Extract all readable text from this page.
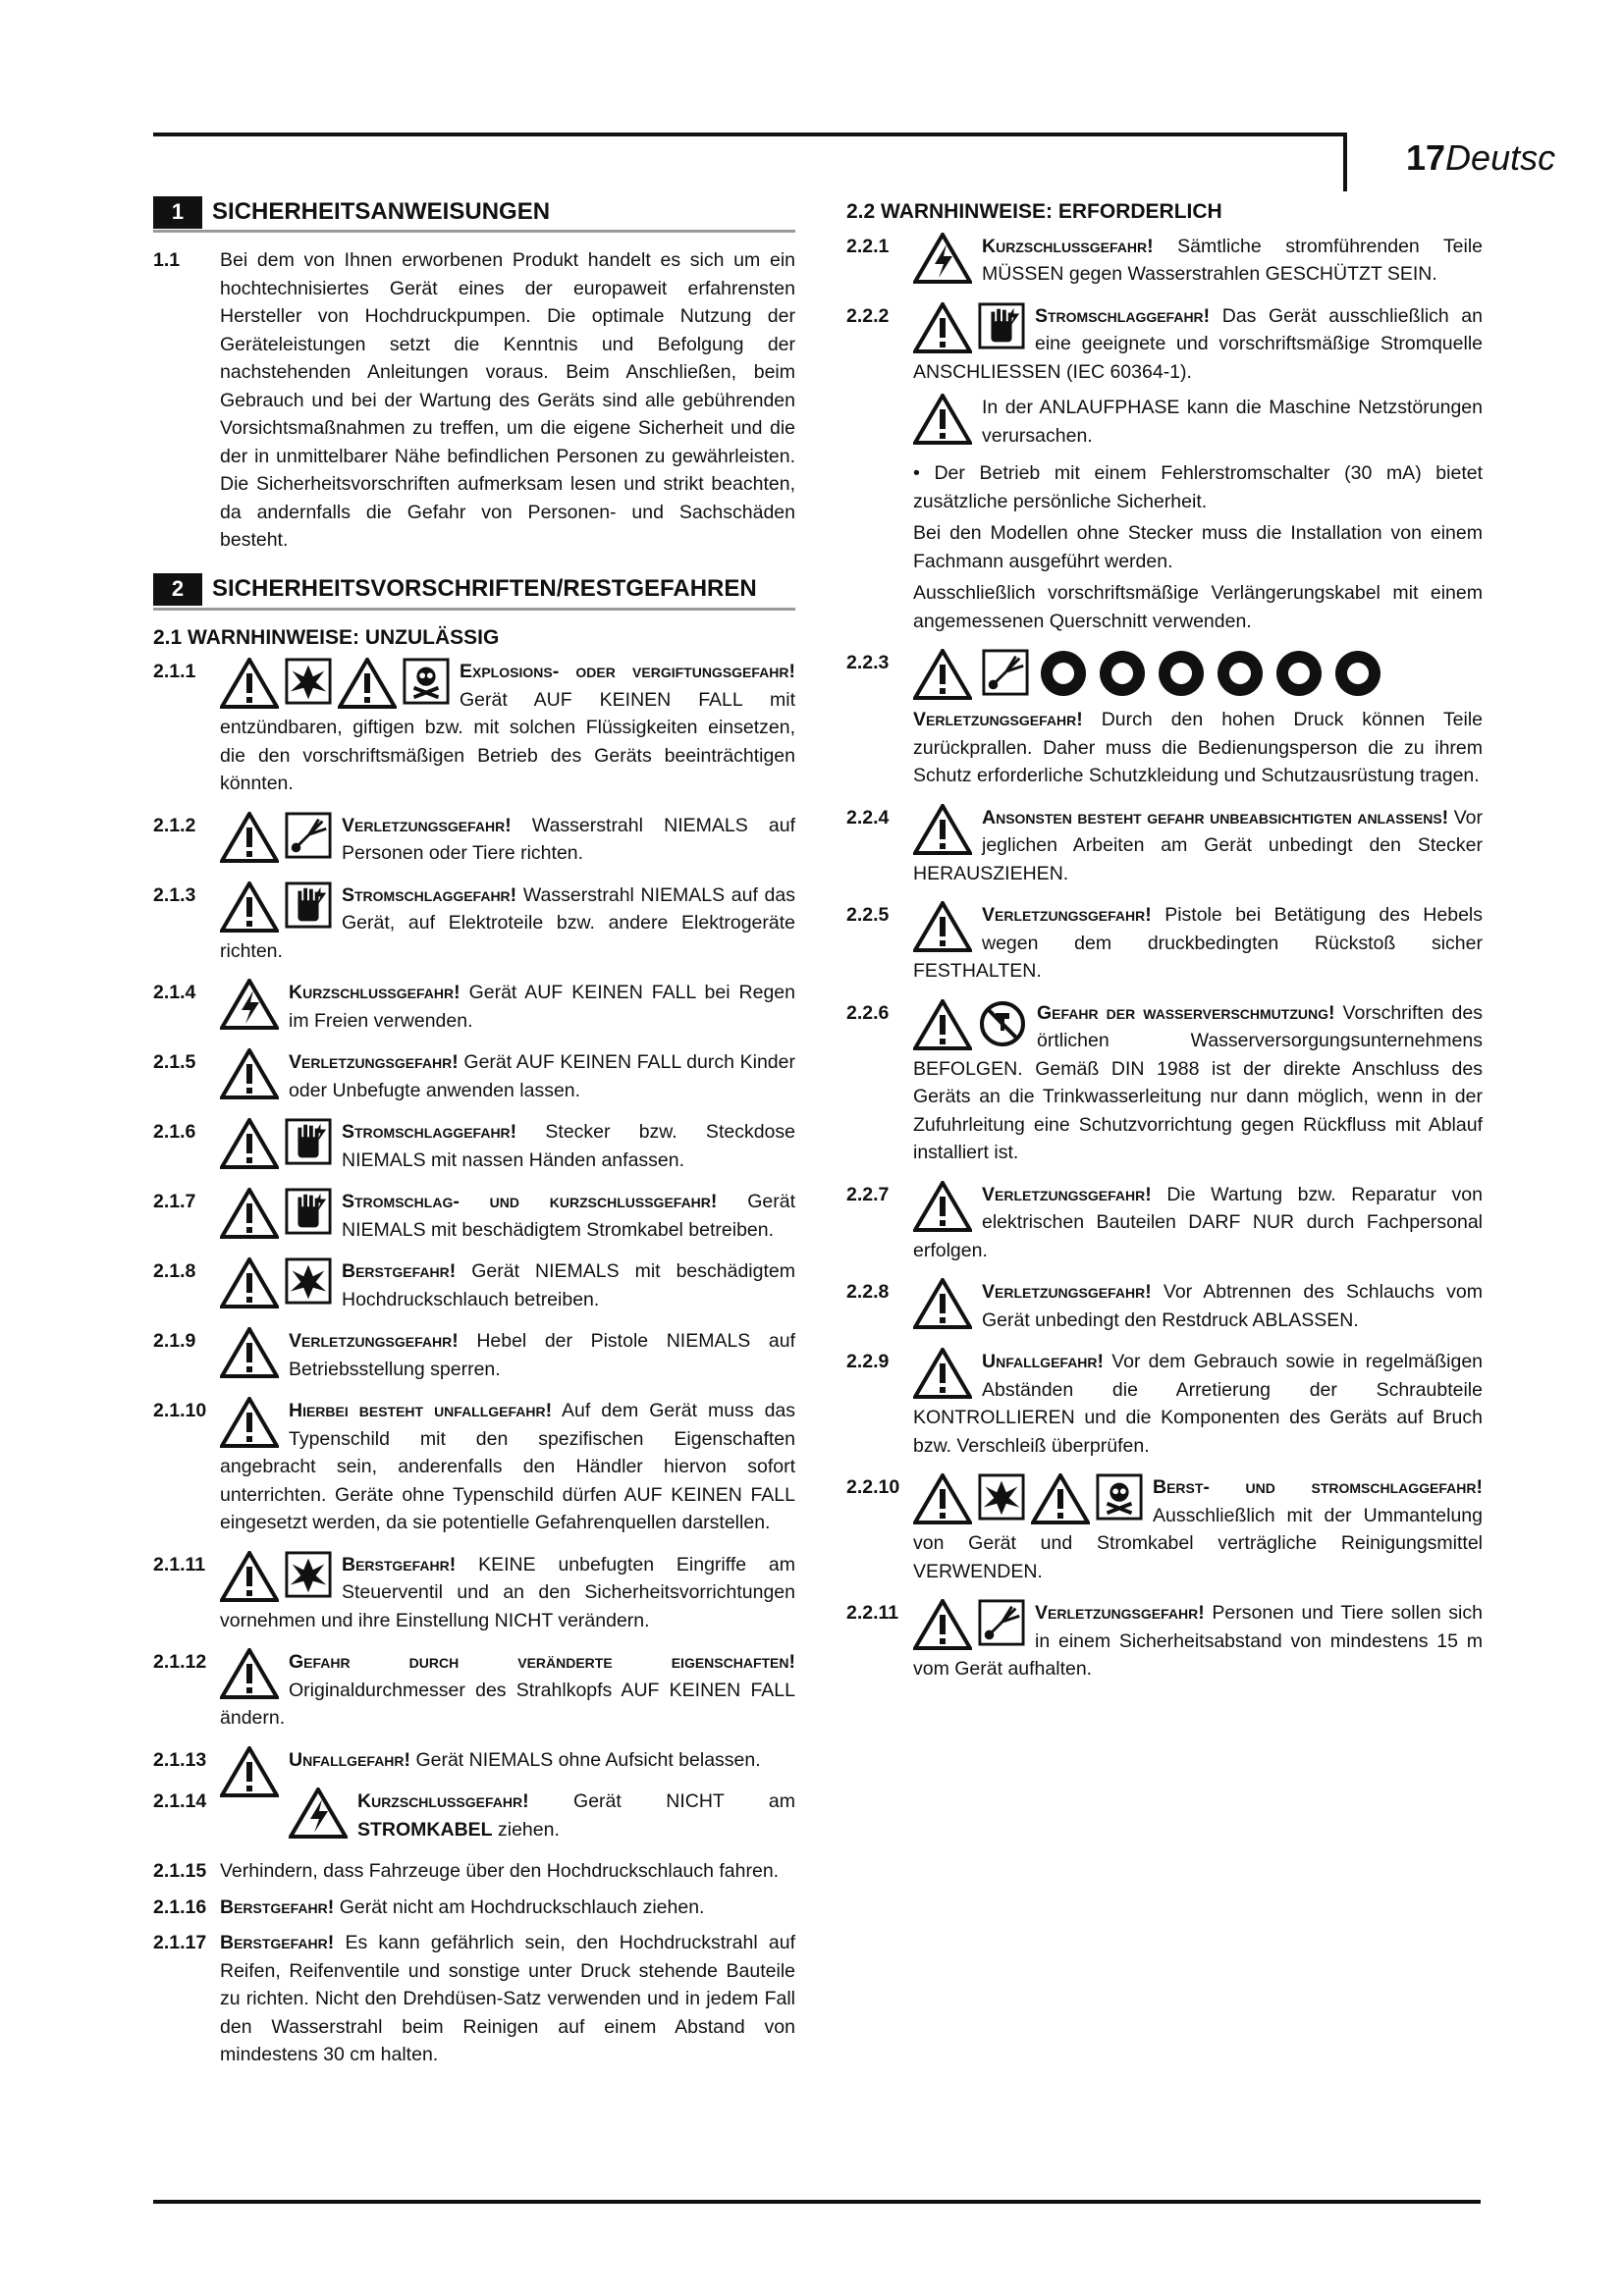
17Deutsc
1	SICHERHEITSANWEISUNGEN
1.1 Bei dem von Ihnen erworbenen Produkt handelt es sich um ein hochtechnisiertes Gerät eines der europaweit erfahrensten Hersteller von Hochdruckpumpen. Die optimale Nutzung der Geräteleistungen setzt die Kenntnis und Befolgung der nachstehenden Anleitungen voraus. Beim Anschließen, beim Gebrauch und bei der Wartung des Geräts sind alle gebührenden Vorsichtsmaßnahmen zu treffen, um die eigene Sicherheit und die der in unmittelbarer Nähe befindlichen Personen zu gewährleisten. Die Sicherheitsvorschriften aufmerksam lesen und strikt beachten, da andernfalls die Gefahr von Personen- und Sachschäden besteht.
2	SICHERHEITSVORSCHRIFTEN/RESTGEFAHREN
2.1 WARNHINWEISE: UNZULÄSSIG
2.1.1	Explosions- oder vergiftungsgefahr! Gerät AUF KEINEN FALL mit entzündbaren, giftigen bzw. mit solchen Flüssigkeiten einsetzen, die den vorschriftsmäßigen Betrieb des Geräts beeinträchtigen könnten.
2.1.2	Verletzungsgefahr! Wasserstrahl NIEMALS auf Personen oder Tiere richten.
2.1.3	Stromschlaggefahr! Wasserstrahl NIEMALS auf das Gerät, auf Elektroteile bzw. andere Elektrogeräte richten.
2.1.4	Kurzschlussgefahr! Gerät AUF KEINEN FALL bei Regen im Freien verwenden.
2.1.5	Verletzungsgefahr! Gerät AUF KEINEN FALL durch Kinder oder Unbefugte anwenden lassen.
2.1.6	Stromschlaggefahr! Stecker bzw. Steckdose NIEMALS mit nassen Händen anfassen.
2.1.7	Stromschlag- und kurzschlussgefahr! Gerät NIEMALS mit beschädigtem Stromkabel betreiben.
2.1.8	Berstgefahr! Gerät NIEMALS mit beschädigtem Hochdruckschlauch betreiben.
2.1.9	Verletzungsgefahr! Hebel der Pistole NIEMALS auf Betriebsstellung sperren.
2.1.10	Hierbei besteht unfallgefahr! Auf dem Gerät muss das Typenschild mit den spezifischen Eigenschaften angebracht sein, anderenfalls den Händler hiervon sofort unterrichten. Geräte ohne Typenschild dürfen AUF KEINEN FALL eingesetzt werden, da sie potentielle Gefahrenquellen darstellen.
2.1.11	Berstgefahr! KEINE unbefugten Eingriffe am Steuerventil und an den Sicherheitsvorrichtungen vornehmen und ihre Einstellung NICHT verändern.
2.1.12	Gefahr durch veränderte eigenschaften! Originaldurchmesser des Strahlkopfs AUF KEINEN FALL ändern.
2.1.13	Unfallgefahr! Gerät NIEMALS ohne Aufsicht belassen.
2.1.14	Kurzschlussgefahr! Gerät NICHT am STROMKABEL ziehen.
2.1.15 Verhindern, dass Fahrzeuge über den Hochdruckschlauch fahren.
2.1.16 Berstgefahr! Gerät nicht am Hochdruckschlauch ziehen.
2.1.17 Berstgefahr! Es kann gefährlich sein, den Hochdruckstrahl auf Reifen, Reifenventile und sonstige unter Druck stehende Bauteile zu richten. Nicht den Drehdüsen-Satz verwenden und in jedem Fall den Wasserstrahl beim Reinigen auf einem Abstand von mindestens 30 cm halten.
2.2 WARNHINWEISE: ERFORDERLICH
2.2.1	Kurzschlussgefahr! Sämtliche stromführenden Teile MÜSSEN gegen Wasserstrahlen GESCHÜTZT SEIN.
2.2.2	Stromschlaggefahr! Das Gerät ausschließlich an eine geeignete und vorschriftsmäßige Stromquelle ANSCHLIESSEN (IEC 60364-1).
In der ANLAUFPHASE kann die Maschine Netzstörungen verursachen.
• Der Betrieb mit einem Fehlerstromschalter (30 mA) bietet zusätzliche persönliche Sicherheit.
Bei den Modellen ohne Stecker muss die Installation von einem Fachmann ausgeführt werden.
Ausschließlich vorschriftsmäßige Verlängerungskabel mit einem angemessenen Querschnitt verwenden.
2.2.3
Verletzungsgefahr! Durch den hohen Druck können Teile zurückprallen. Daher muss die Bedienungsperson die zu ihrem Schutz erforderliche Schutzkleidung und Schutzausrüstung tragen.
2.2.4	Ansonsten besteht gefahr unbeabsichtigten anlassens! Vor jeglichen Arbeiten am Gerät unbedingt den Stecker HERAUSZIEHEN.
2.2.5	Verletzungsgefahr! Pistole bei Betätigung des Hebels wegen dem druckbedingten Rückstoß sicher FESTHALTEN.
2.2.6	Gefahr der wasserverschmutzung! Vorschriften des örtlichen Wasserversorgungsunternehmens BEFOLGEN. Gemäß DIN 1988 ist der direkte Anschluss des Geräts an die Trinkwasserleitung nur dann möglich, wenn in der Zufuhrleitung eine Schutzvorrichtung gegen Rückfluss mit Ablauf installiert ist.
2.2.7	Verletzungsgefahr! Die Wartung bzw. Reparatur von elektrischen Bauteilen DARF NUR durch Fachpersonal erfolgen.
2.2.8	Verletzungsgefahr! Vor Abtrennen des Schlauchs vom Gerät unbedingt den Restdruck ABLASSEN.
2.2.9	Unfallgefahr! Vor dem Gebrauch sowie in regelmäßigen Abständen die Arretierung der Schraubteile KONTROLLIEREN und die Komponenten des Geräts auf Bruch bzw. Verschleiß überprüfen.
2.2.10	Berst- und stromschlaggefahr! Ausschließlich mit der Ummantelung von Gerät und Stromkabel verträgliche Reinigungsmittel VERWENDEN.
2.2.11	Verletzungsgefahr! Personen und Tiere sollen sich in einem Sicherheitsabstand von mindestens 15 m vom Gerät aufhalten.
